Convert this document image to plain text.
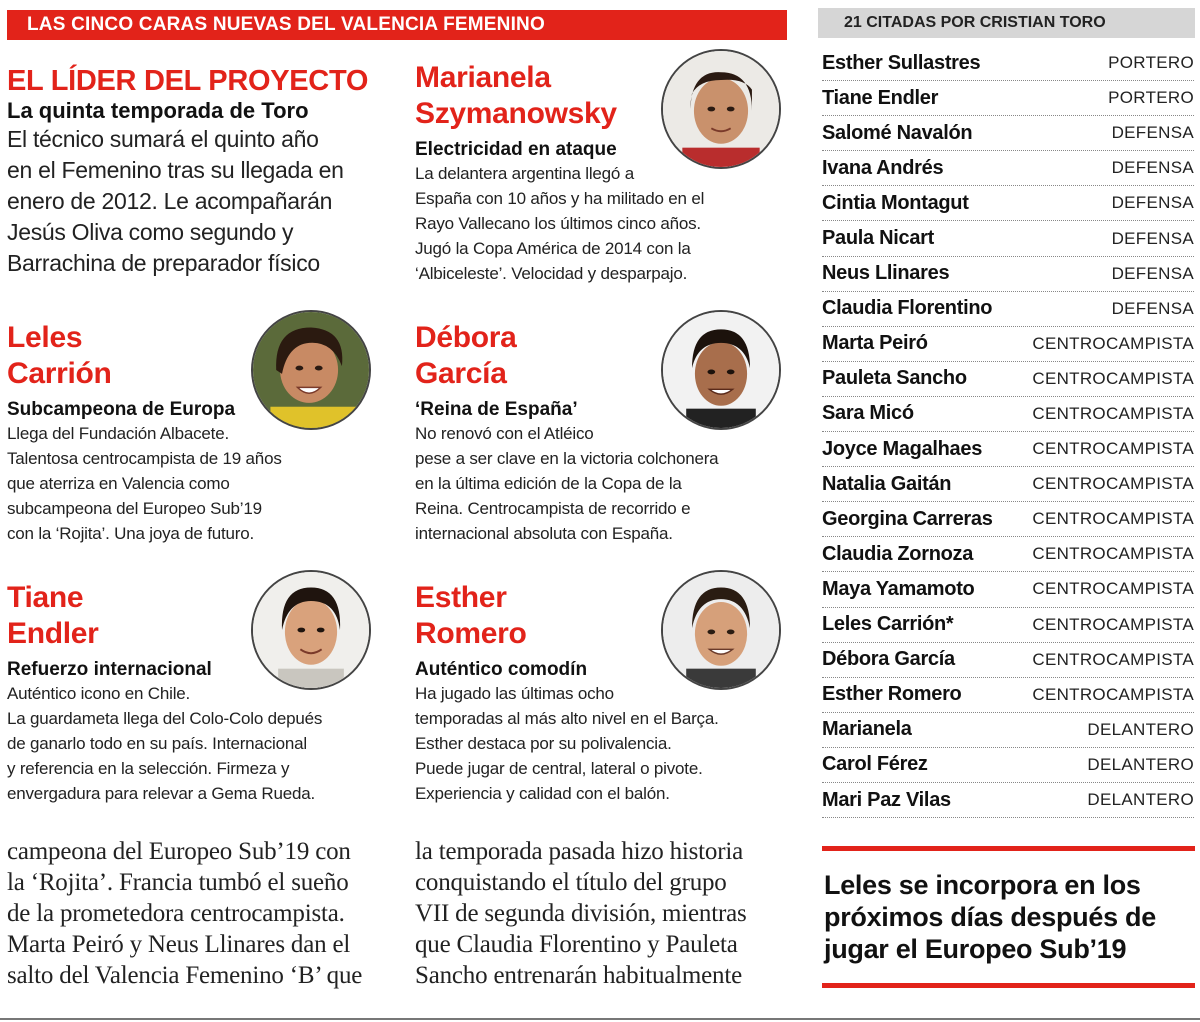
LAS CINCO CARAS NUEVAS DEL VALENCIA FEMENINO
EL LÍDER DEL PROYECTO
La quinta temporada de Toro
El técnico sumará el quinto año
en el Femenino tras su llegada en
enero de 2012. Le acompañarán
Jesús Oliva como segundo y
Barrachina de preparador físico
Marianela
Szymanowsky
Electricidad en ataque
La delantera argentina llegó a
España con 10 años y ha militado en el
Rayo Vallecano los últimos cinco años.
Jugó la Copa América de 2014 con la
‘Albiceleste’. Velocidad y desparpajo.
Leles
Carrión
Subcampeona de Europa
Llega del Fundación Albacete.
Talentosa centrocampista de 19 años
que aterriza en Valencia como
subcampeona del Europeo Sub’19
con la ‘Rojita’. Una joya de futuro.
Débora
García
‘Reina de España’
No renovó con el Atléico
pese a ser clave en la victoria colchonera
en la última edición de la Copa de la
Reina. Centrocampista de recorrido e
internacional absoluta con España.
Tiane
Endler
Refuerzo internacional
Auténtico icono en Chile.
La guardameta llega del Colo-Colo depués
de ganarlo todo en su país. Internacional
y referencia en la selección. Firmeza y
envergadura para relevar a Gema Rueda.
Esther
Romero
Auténtico comodín
Ha jugado las últimas ocho
temporadas al más alto nivel en el Barça.
Esther destaca por su polivalencia.
Puede jugar de central, lateral o pivote.
Experiencia y calidad con el balón.
campeona del Europeo Sub’19 con
la ‘Rojita’. Francia tumbó el sueño
de la prometedora centrocampista.
Marta Peiró y Neus Llinares dan el
salto del Valencia Femenino ‘B’ que
la temporada pasada hizo historia
conquistando el título del grupo
VII de segunda división, mientras
que Claudia Florentino y Pauleta
Sancho entrenarán habitualmente
21 CITADAS POR CRISTIAN TORO
Esther Sullastres	PORTERO
Tiane Endler	PORTERO
Salomé Navalón	DEFENSA
Ivana Andrés	DEFENSA
Cintia Montagut	DEFENSA
Paula Nicart	DEFENSA
Neus Llinares	DEFENSA
Claudia Florentino	DEFENSA
Marta Peiró	CENTROCAMPISTA
Pauleta Sancho	CENTROCAMPISTA
Sara Micó	CENTROCAMPISTA
Joyce Magalhaes	CENTROCAMPISTA
Natalia Gaitán	CENTROCAMPISTA
Georgina Carreras CENTROCAMPISTA
Claudia Zornoza	CENTROCAMPISTA
Maya Yamamoto	CENTROCAMPISTA
Leles Carrión*	CENTROCAMPISTA
Débora García	CENTROCAMPISTA
Esther Romero	CENTROCAMPISTA
Marianela	DELANTERO
Carol Férez	DELANTERO
Mari Paz Vilas	DELANTERO
Leles se incorpora en los próximos días después de jugar el Europeo Sub’19
